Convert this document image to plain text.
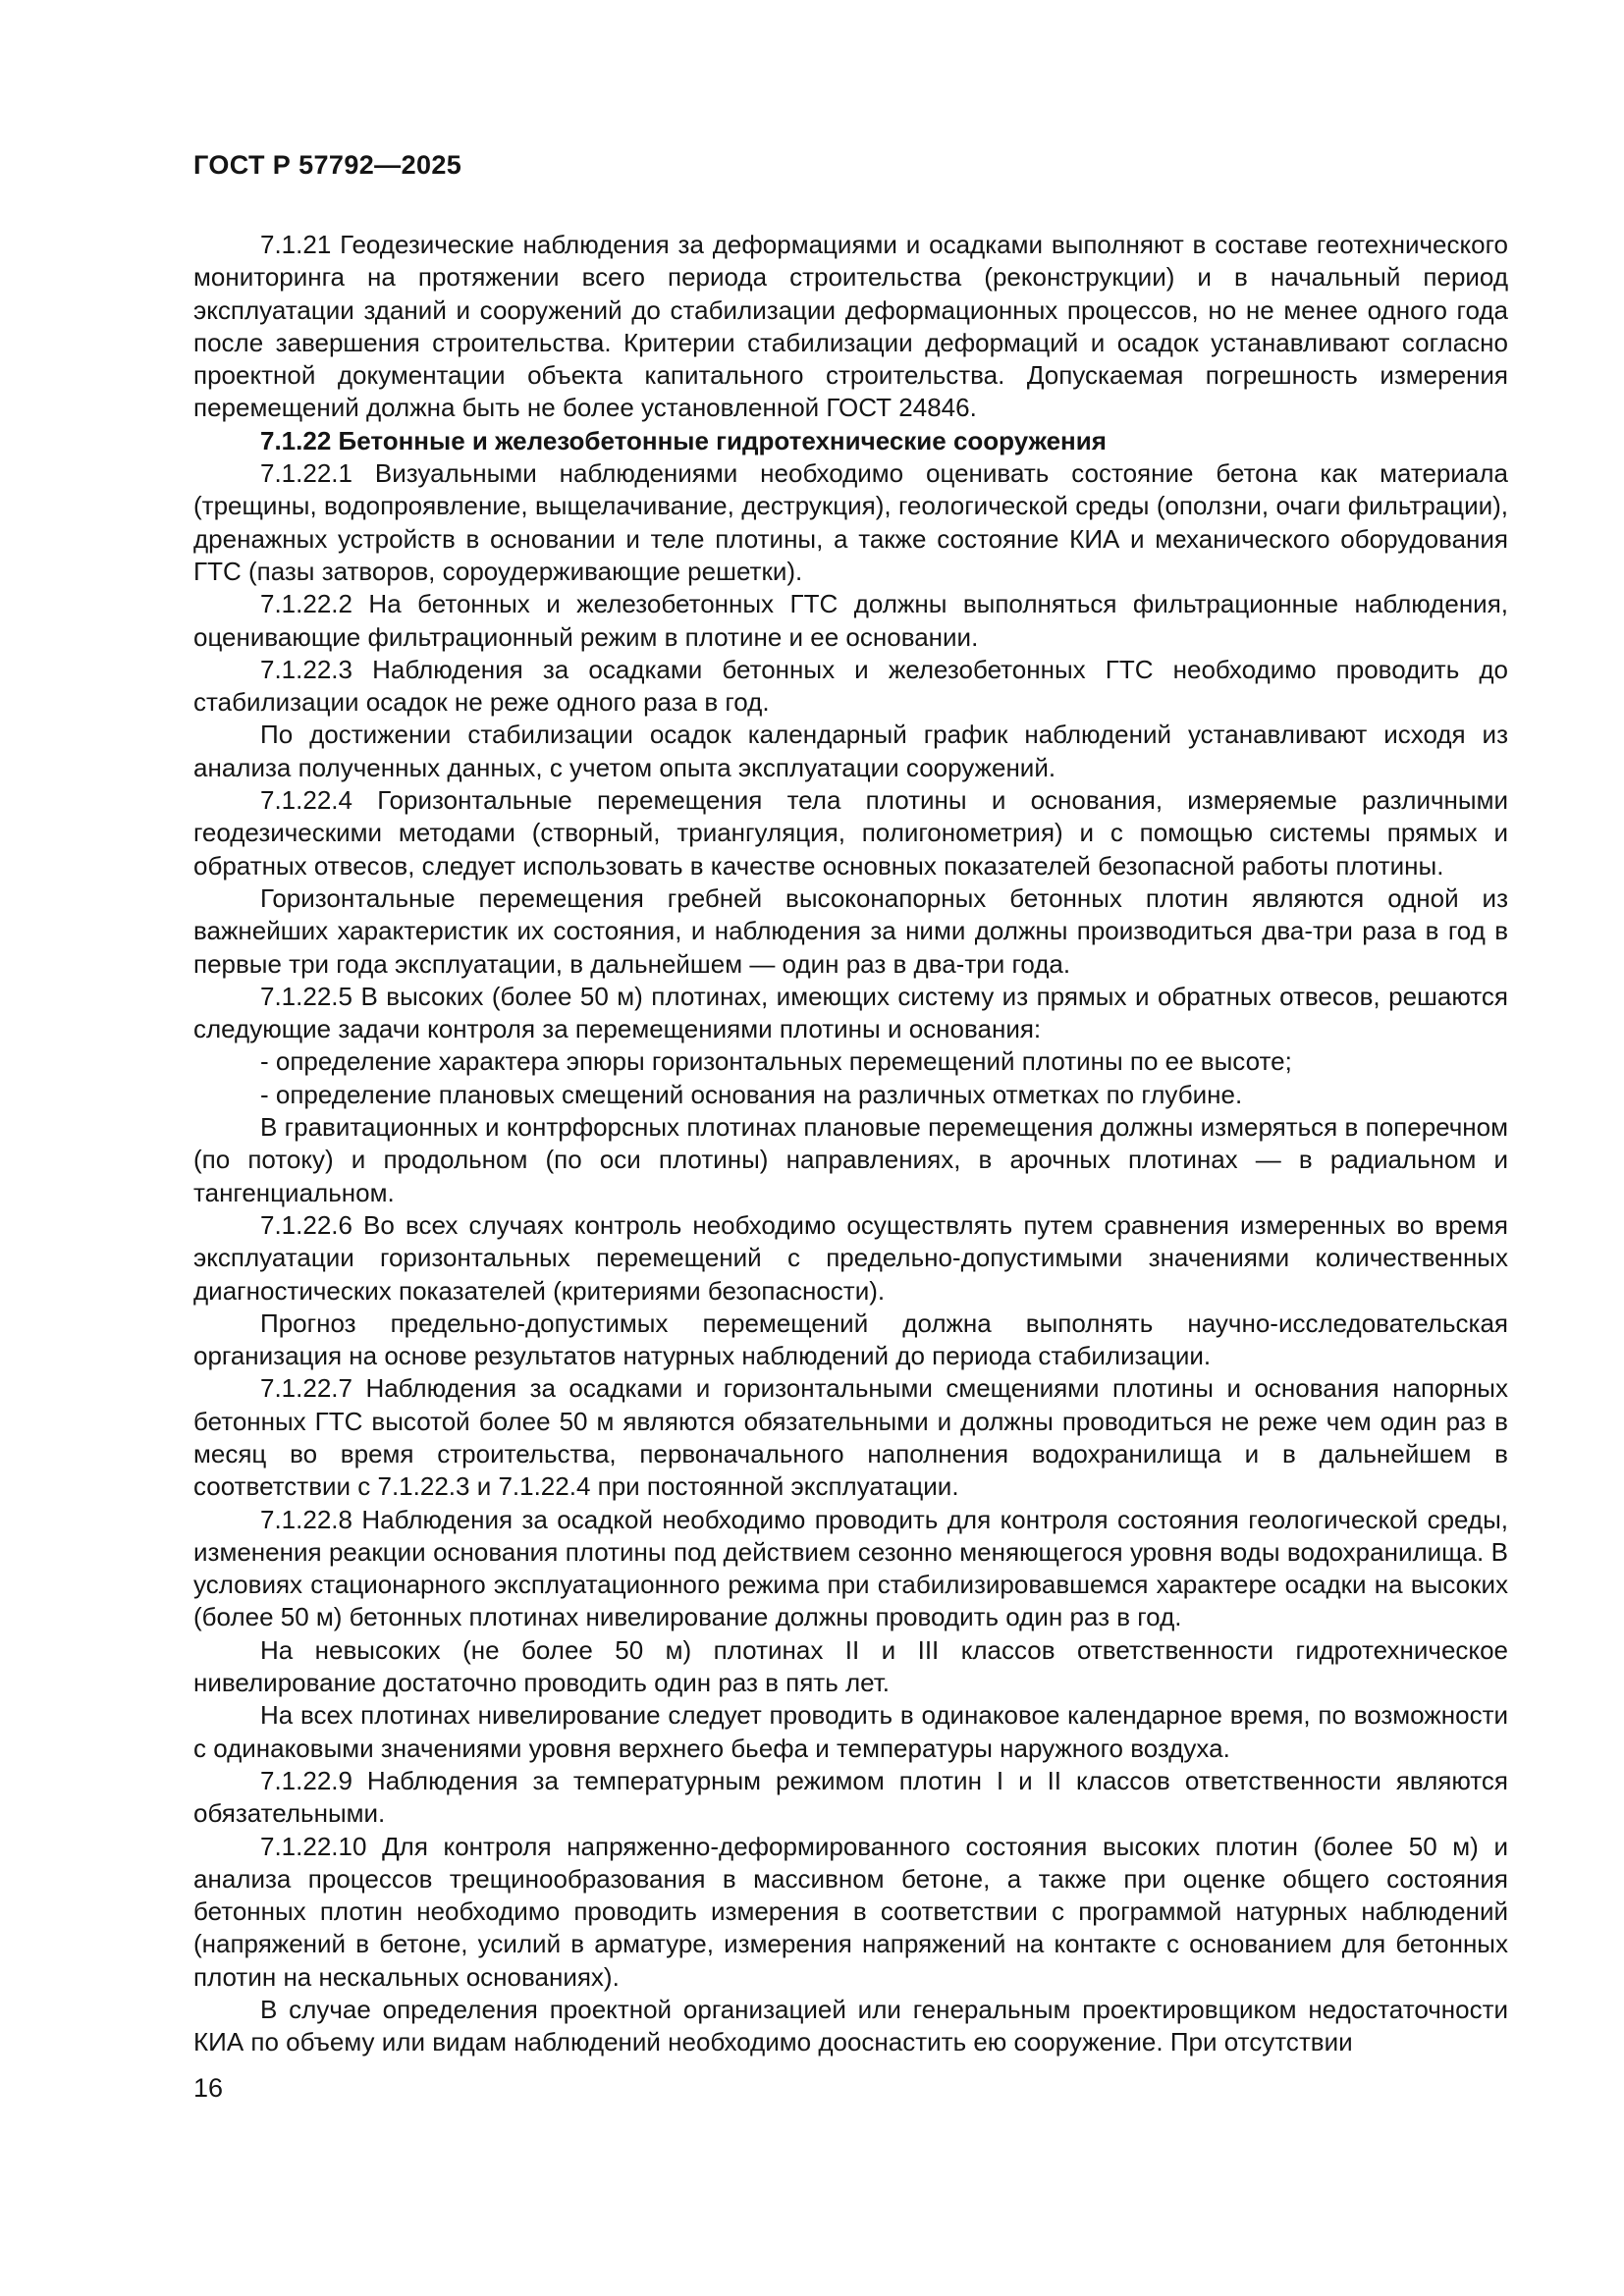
ГОСТ Р 57792—2025

7.1.21 Геодезические наблюдения за деформациями и осадками выполняют в составе геотехнического мониторинга на протяжении всего периода строительства (реконструкции) и в начальный период эксплуатации зданий и сооружений до стабилизации деформационных процессов, но не менее одного года после завершения строительства. Критерии стабилизации деформаций и осадок устанавливают согласно проектной документации объекта капитального строительства. Допускаемая погрешность измерения перемещений должна быть не более установленной ГОСТ 24846.

7.1.22 Бетонные и железобетонные гидротехнические сооружения

7.1.22.1 Визуальными наблюдениями необходимо оценивать состояние бетона как материала (трещины, водопроявление, выщелачивание, деструкция), геологической среды (оползни, очаги фильтрации), дренажных устройств в основании и теле плотины, а также состояние КИА и механического оборудования ГТС (пазы затворов, сороудерживающие решетки).

7.1.22.2 На бетонных и железобетонных ГТС должны выполняться фильтрационные наблюдения, оценивающие фильтрационный режим в плотине и ее основании.

7.1.22.3 Наблюдения за осадками бетонных и железобетонных ГТС необходимо проводить до стабилизации осадок не реже одного раза в год.

По достижении стабилизации осадок календарный график наблюдений устанавливают исходя из анализа полученных данных, с учетом опыта эксплуатации сооружений.

7.1.22.4 Горизонтальные перемещения тела плотины и основания, измеряемые различными геодезическими методами (створный, триангуляция, полигонометрия) и с помощью системы прямых и обратных отвесов, следует использовать в качестве основных показателей безопасной работы плотины.

Горизонтальные перемещения гребней высоконапорных бетонных плотин являются одной из важнейших характеристик их состояния, и наблюдения за ними должны производиться два-три раза в год в первые три года эксплуатации, в дальнейшем — один раз в два-три года.

7.1.22.5 В высоких (более 50 м) плотинах, имеющих систему из прямых и обратных отвесов, решаются следующие задачи контроля за перемещениями плотины и основания:

- определение характера эпюры горизонтальных перемещений плотины по ее высоте;

- определение плановых смещений основания на различных отметках по глубине.

В гравитационных и контрфорсных плотинах плановые перемещения должны измеряться в поперечном (по потоку) и продольном (по оси плотины) направлениях, в арочных плотинах — в радиальном и тангенциальном.

7.1.22.6 Во всех случаях контроль необходимо осуществлять путем сравнения измеренных во время эксплуатации горизонтальных перемещений с предельно-допустимыми значениями количественных диагностических показателей (критериями безопасности).

Прогноз предельно-допустимых перемещений должна выполнять научно-исследовательская организация на основе результатов натурных наблюдений до периода стабилизации.

7.1.22.7 Наблюдения за осадками и горизонтальными смещениями плотины и основания напорных бетонных ГТС высотой более 50 м являются обязательными и должны проводиться не реже чем один раз в месяц во время строительства, первоначального наполнения водохранилища и в дальнейшем в соответствии с 7.1.22.3 и 7.1.22.4 при постоянной эксплуатации.

7.1.22.8 Наблюдения за осадкой необходимо проводить для контроля состояния геологической среды, изменения реакции основания плотины под действием сезонно меняющегося уровня воды водохранилища. В условиях стационарного эксплуатационного режима при стабилизировавшемся характере осадки на высоких (более 50 м) бетонных плотинах нивелирование должны проводить один раз в год.

На невысоких (не более 50 м) плотинах II и III классов ответственности гидротехническое нивелирование достаточно проводить один раз в пять лет.

На всех плотинах нивелирование следует проводить в одинаковое календарное время, по возможности с одинаковыми значениями уровня верхнего бьефа и температуры наружного воздуха.

7.1.22.9 Наблюдения за температурным режимом плотин I и II классов ответственности являются обязательными.

7.1.22.10 Для контроля напряженно-деформированного состояния высоких плотин (более 50 м) и анализа процессов трещинообразования в массивном бетоне, а также при оценке общего состояния бетонных плотин необходимо проводить измерения в соответствии с программой натурных наблюдений (напряжений в бетоне, усилий в арматуре, измерения напряжений на контакте с основанием для бетонных плотин на нескальных основаниях).

В случае определения проектной организацией или генеральным проектировщиком недостаточности КИА по объему или видам наблюдений необходимо дооснастить ею сооружение. При отсутствии

16
